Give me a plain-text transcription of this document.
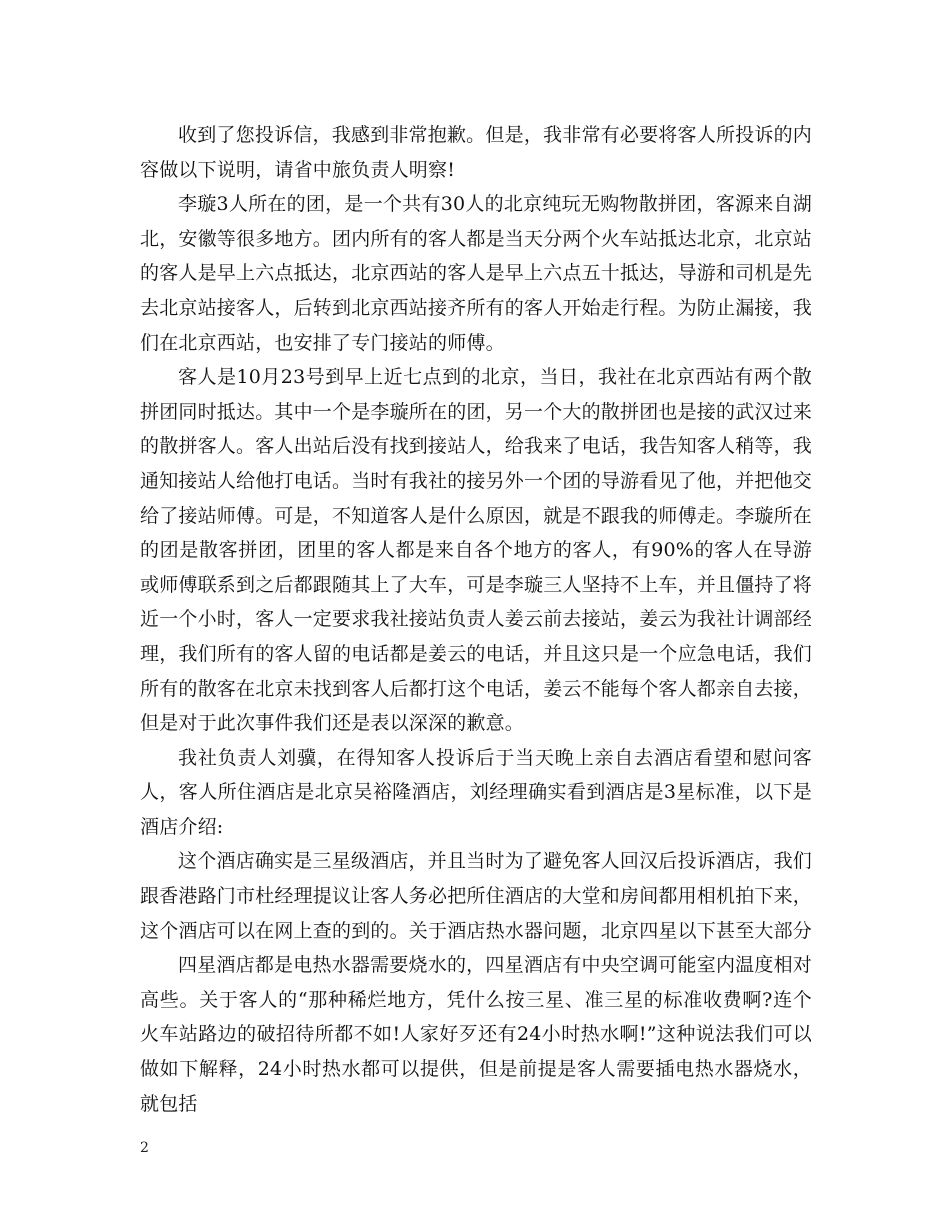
收到了您投诉信，我感到非常抱歉。但是，我非常有必要将客人所投诉的内容做以下说明，请省中旅负责人明察!

李璇3人所在的团，是一个共有30人的北京纯玩无购物散拼团，客源来自湖北，安徽等很多地方。团内所有的客人都是当天分两个火车站抵达北京，北京站的客人是早上六点抵达，北京西站的客人是早上六点五十抵达，导游和司机是先去北京站接客人，后转到北京西站接齐所有的客人开始走行程。为防止漏接，我们在北京西站，也安排了专门接站的师傅。

客人是10月23号到早上近七点到的北京，当日，我社在北京西站有两个散拼团同时抵达。其中一个是李璇所在的团，另一个大的散拼团也是接的武汉过来的散拼客人。客人出站后没有找到接站人，给我来了电话，我告知客人稍等，我通知接站人给他打电话。当时有我社的接另外一个团的导游看见了他，并把他交给了接站师傅。可是，不知道客人是什么原因，就是不跟我的师傅走。李璇所在的团是散客拼团，团里的客人都是来自各个地方的客人，有90%的客人在导游或师傅联系到之后都跟随其上了大车，可是李璇三人坚持不上车，并且僵持了将近一个小时，客人一定要求我社接站负责人姜云前去接站，姜云为我社计调部经理，我们所有的客人留的电话都是姜云的电话，并且这只是一个应急电话，我们所有的散客在北京未找到客人后都打这个电话，姜云不能每个客人都亲自去接，但是对于此次事件我们还是表以深深的歉意。

我社负责人刘骥，在得知客人投诉后于当天晚上亲自去酒店看望和慰问客人，客人所住酒店是北京吴裕隆酒店，刘经理确实看到酒店是3星标准，以下是酒店介绍:

这个酒店确实是三星级酒店，并且当时为了避免客人回汉后投诉酒店，我们跟香港路门市杜经理提议让客人务必把所住酒店的大堂和房间都用相机拍下来，这个酒店可以在网上查的到的。关于酒店热水器问题，北京四星以下甚至大部分

四星酒店都是电热水器需要烧水的，四星酒店有中央空调可能室内温度相对高些。关于客人的“那种稀烂地方，凭什么按三星、准三星的标准收费啊?连个火车站路边的破招待所都不如!人家好歹还有24小时热水啊!”这种说法我们可以做如下解释，24小时热水都可以提供，但是前提是客人需要插电热水器烧水，就包括

2
